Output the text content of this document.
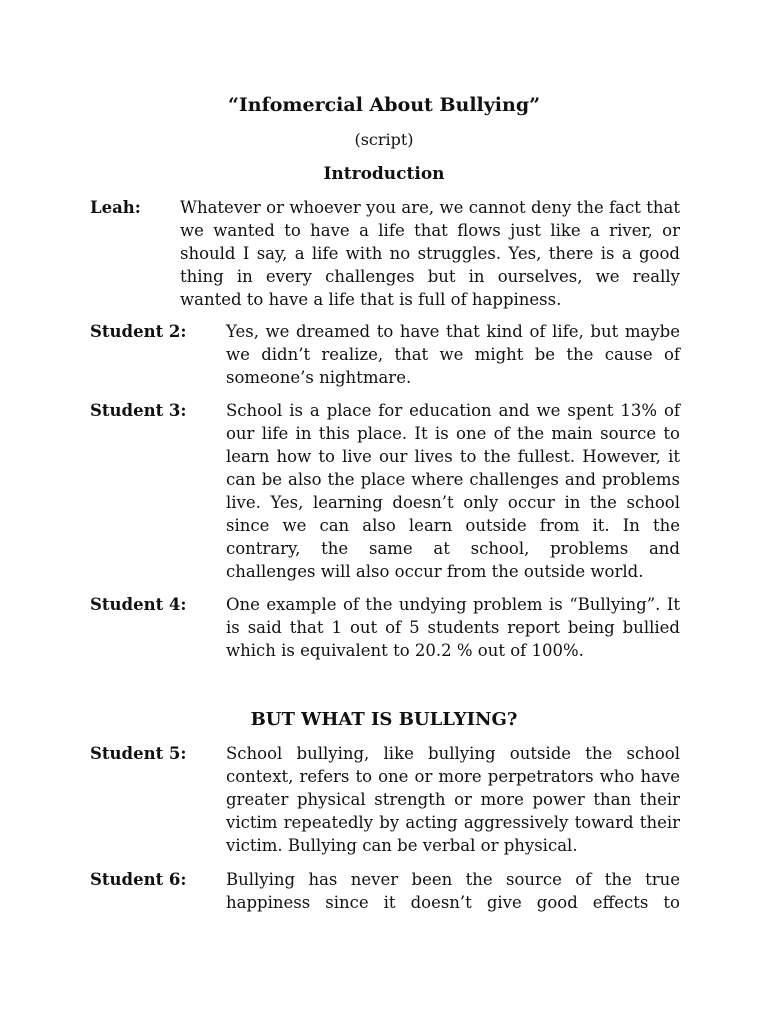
“Infomercial About Bullying”
(script)
Introduction
Leah: Whatever or whoever you are, we cannot deny the fact that we wanted to have a life that flows just like a river, or should I say, a life with no struggles. Yes, there is a good thing in every challenges but in ourselves, we really wanted to have a life that is full of happiness.
Student 2: Yes, we dreamed to have that kind of life, but maybe we didn’t realize, that we might be the cause of someone’s nightmare.
Student 3: School is a place for education and we spent 13% of our life in this place. It is one of the main source to learn how to live our lives to the fullest. However, it can be also the place where challenges and problems live. Yes, learning doesn’t only occur in the school since we can also learn outside from it. In the contrary, the same at school, problems and challenges will also occur from the outside world.
Student 4: One example of the undying problem is “Bullying”. It is said that 1 out of 5 students report being bullied which is equivalent to 20.2 % out of 100%.
BUT WHAT IS BULLYING?
Student 5: School bullying, like bullying outside the school context, refers to one or more perpetrators who have greater physical strength or more power than their victim repeatedly by acting aggressively toward their victim. Bullying can be verbal or physical.
Student 6: Bullying has never been the source of the true happiness since it doesn’t give good effects to
